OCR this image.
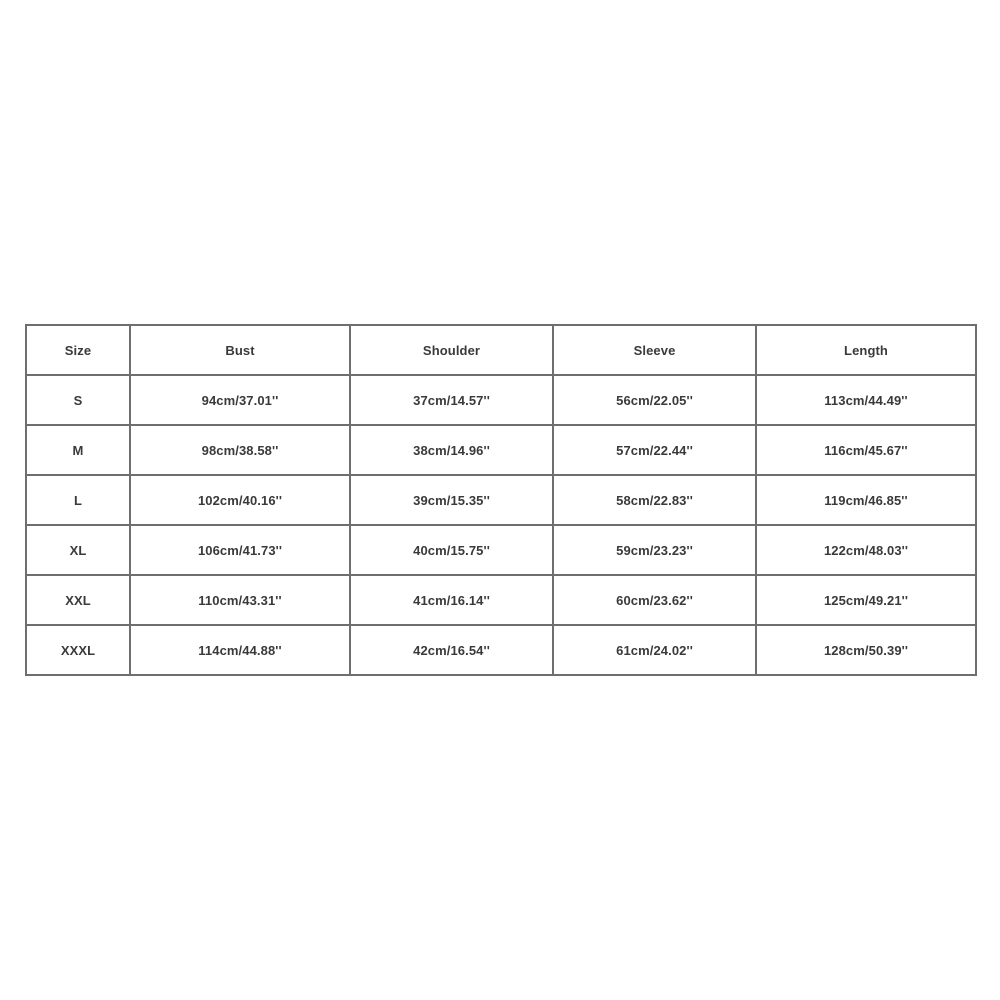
Size	Bust	Shoulder	Sleeve	Length
S	94cm/37.01''	37cm/14.57''	56cm/22.05''	113cm/44.49''
M	98cm/38.58''	38cm/14.96''	57cm/22.44''	116cm/45.67''
L	102cm/40.16''	39cm/15.35''	58cm/22.83''	119cm/46.85''
XL	106cm/41.73''	40cm/15.75''	59cm/23.23''	122cm/48.03''
XXL	110cm/43.31''	41cm/16.14''	60cm/23.62''	125cm/49.21''
XXXL	114cm/44.88''	42cm/16.54''	61cm/24.02''	128cm/50.39''
